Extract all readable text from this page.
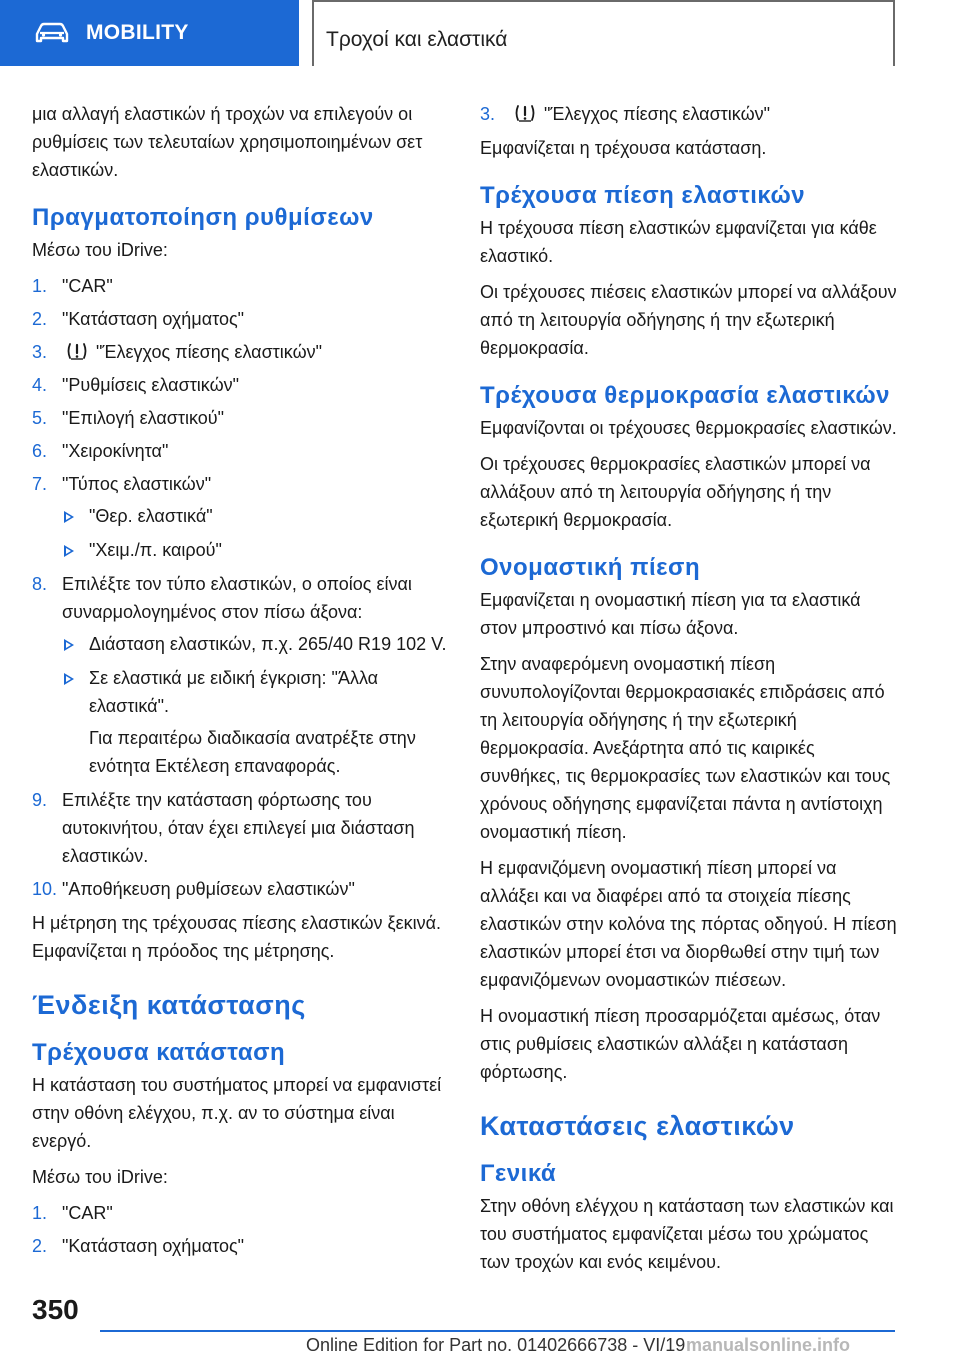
MOBILITY	Τροχοί και ελαστικά

μια αλλαγή ελαστικών ή τροχών να επιλεγούν οι ρυθμίσεις των τελευταίων χρησιμοποιημένων σετ ελαστικών.

Πραγματοποίηση ρυθμίσεων

Μέσω του iDrive:

1. "CAR"
2. "Κατάσταση οχήματος"
3.	"Έλεγχος πίεσης ελαστικών"
4. "Ρυθμίσεις ελαστικών"
5. "Επιλογή ελαστικού"
6. "Χειροκίνητα"
7. "Τύπος ελαστικών"
"Θερ. ελαστικά"
"Χειμ./π. καιρού"
8. Επιλέξτε τον τύπο ελαστικών, ο οποίος είναι συναρμολογημένος στον πίσω άξονα:
Διάσταση ελαστικών, π.χ. 265/40 R19 102 V.
Σε ελαστικά με ειδική έγκριση: "Άλλα ελαστικά".
Για περαιτέρω διαδικασία ανατρέξτε στην ενότητα Εκτέλεση επαναφοράς.
9. Επιλέξτε την κατάσταση φόρτωσης του αυτοκινήτου, όταν έχει επιλεγεί μια διάσταση ελαστικών.
10. "Αποθήκευση ρυθμίσεων ελαστικών"

Η μέτρηση της τρέχουσας πίεσης ελαστικών ξεκινά. Εμφανίζεται η πρόοδος της μέτρησης.

Ένδειξη κατάστασης
Τρέχουσα κατάσταση

Η κατάσταση του συστήματος μπορεί να εμφανιστεί στην οθόνη ελέγχου, π.χ. αν το σύστημα είναι ενεργό.

Μέσω του iDrive:

1. "CAR"
2. "Κατάσταση οχήματος"
3.	"Έλεγχος πίεσης ελαστικών"

Εμφανίζεται η τρέχουσα κατάσταση.

Τρέχουσα πίεση ελαστικών

Η τρέχουσα πίεση ελαστικών εμφανίζεται για κάθε ελαστικό.

Οι τρέχουσες πιέσεις ελαστικών μπορεί να αλλάξουν από τη λειτουργία οδήγησης ή την εξωτερική θερμοκρασία.

Τρέχουσα θερμοκρασία ελαστικών

Εμφανίζονται οι τρέχουσες θερμοκρασίες ελαστικών.

Οι τρέχουσες θερμοκρασίες ελαστικών μπορεί να αλλάξουν από τη λειτουργία οδήγησης ή την εξωτερική θερμοκρασία.

Ονομαστική πίεση

Εμφανίζεται η ονομαστική πίεση για τα ελαστικά στον μπροστινό και πίσω άξονα.

Στην αναφερόμενη ονομαστική πίεση συνυπολογίζονται θερμοκρασιακές επιδράσεις από τη λειτουργία οδήγησης ή την εξωτερική θερμοκρασία. Ανεξάρτητα από τις καιρικές συνθήκες, τις θερμοκρασίες των ελαστικών και τους χρόνους οδήγησης εμφανίζεται πάντα η αντίστοιχη ονομαστική πίεση.

Η εμφανιζόμενη ονομαστική πίεση μπορεί να αλλάξει και να διαφέρει από τα στοιχεία πίεσης ελαστικών στην κολόνα της πόρτας οδηγού. Η πίεση ελαστικών μπορεί έτσι να διορθωθεί στην τιμή των εμφανιζόμενων ονομαστικών πιέσεων.

Η ονομαστική πίεση προσαρμόζεται αμέσως, όταν στις ρυθμίσεις ελαστικών αλλάξει η κατάσταση φόρτωσης.

Καταστάσεις ελαστικών
Γενικά

Στην οθόνη ελέγχου η κατάσταση των ελαστικών και του συστήματος εμφανίζεται μέσω του χρώματος των τροχών και ενός κειμένου.

350
Online Edition for Part no. 01402666738 - VI/19 manualsonline.info
